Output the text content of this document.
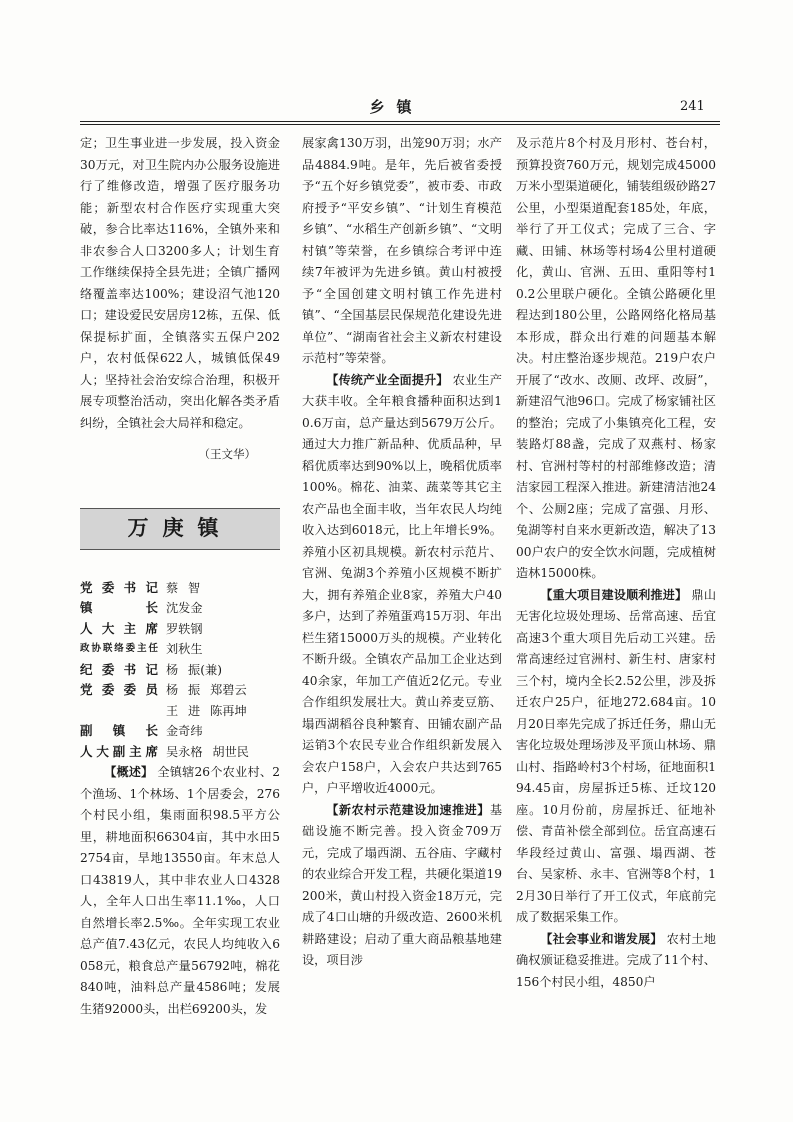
乡镇	241

定；卫生事业进一步发展，投入资金30万元，对卫生院内办公服务设施进行了维修改造，增强了医疗服务功能；新型农村合作医疗实现重大突破，参合比率达116%，全镇外来和非农参合人口3200多人；计划生育工作继续保持全县先进；全镇广播网络覆盖率达100%；建设沼气池120口；建设爱民安居房12栋，五保、低保提标扩面，全镇落实五保户202户，农村低保622人，城镇低保49人；坚持社会治安综合治理，积极开展专项整治活动，突出化解各类矛盾纠纷，全镇社会大局祥和稳定。

（王文华）
万庚镇
党委书记 蔡 智
镇 长 沈发金
人大主席 罗轶钢
政协联络委主任 刘秋生
纪委书记 杨 振(兼)
党委委员 杨 振 郑碧云
王 进 陈再坤
副 镇 长 金奇纬
人大副主席 吴永格 胡世民

【概述】 全镇辖26个农业村、2个渔场、1个林场、1个居委会，276个村民小组，集雨面积98.5平方公里，耕地面积66304亩，其中水田52754亩，旱地13550亩。年末总人口43819人，其中非农业人口4328人，全年人口出生率11.1‰，人口自然增长率2.5‰。全年实现工农业总产值7.43亿元，农民人均纯收入6058元，粮食总产量56792吨，棉花840吨，油料总产量4586吨；发展生猪92000头，出栏69200头，发

展家禽130万羽，出笼90万羽；水产品4884.9吨。是年，先后被省委授予“五个好乡镇党委”，被市委、市政府授予“平安乡镇”、“计划生育模范乡镇”、“水稻生产创新乡镇”、“文明村镇”等荣誉，在乡镇综合考评中连续7年被评为先进乡镇。黄山村被授予“全国创建文明村镇工作先进村镇”、“全国基层民保规范化建设先进单位”、“湖南省社会主义新农村建设示范村”等荣誉。

【传统产业全面提升】 农业生产大获丰收。全年粮食播种面积达到10.6万亩，总产量达到5679万公斤。通过大力推广新品种、优质品种，早稻优质率达到90%以上，晚稻优质率100%。棉花、油菜、蔬菜等其它主农产品也全面丰收，当年农民人均纯收入达到6018元，比上年增长9%。养殖小区初具规模。新农村示范片、官洲、兔湖3个养殖小区规模不断扩大，拥有养殖企业8家，养殖大户40多户，达到了养殖蛋鸡15万羽、年出栏生猪15000万头的规模。产业转化不断升级。全镇农产品加工企业达到40余家，年加工产值近2亿元。专业合作组织发展壮大。黄山养麦豆筋、塌西湖稻谷良种繁育、田铺农副产品运销3个农民专业合作组织新发展入会农户158户，入会农户共达到765户，户平增收近4000元。

【新农村示范建设加速推进】基础设施不断完善。投入资金709万元，完成了塌西湖、五谷庙、字藏村的农业综合开发工程，共硬化渠道19200米，黄山村投入资金18万元，完成了4口山塘的升级改造、2600米机耕路建设；启动了重大商品粮基地建设，项目涉

及示范片8个村及月形村、苍台村，预算投资760万元，规划完成45000万米小型渠道硬化，铺装组级砂路27公里，小型渠道配套185处，年底，举行了开工仪式；完成了三合、字藏、田铺、林场等村场4公里村道硬化，黄山、官洲、五田、重阳等村10.2公里联户硬化。全镇公路硬化里程达到180公里，公路网络化格局基本形成，群众出行难的问题基本解决。村庄整治逐步规范。219户农户开展了“改水、改厕、改坪、改厨”，新建沼气池96口。完成了杨家铺社区的整治；完成了小集镇亮化工程，安装路灯88盏，完成了双燕村、杨家村、官洲村等村的村部维修改造；清洁家园工程深入推进。新建清洁池24个、公厕2座；完成了富强、月形、兔湖等村自来水更新改造，解决了1300户农户的安全饮水问题，完成植树造林15000株。

【重大项目建设顺利推进】 鼎山无害化垃圾处理场、岳常高速、岳宜高速3个重大项目先后动工兴建。岳常高速经过官洲村、新生村、唐家村三个村，境内全长2.52公里，涉及拆迁农户25户，征地272.684亩。10月20日率先完成了拆迁任务，鼎山无害化垃圾处理场涉及平顶山林场、鼎山村、指路岭村3个村场，征地面积194.45亩，房屋拆迁5栋、迁坟120座。10月份前，房屋拆迁、征地补偿、青苗补偿全部到位。岳宜高速石华段经过黄山、富强、塌西湖、苍台、吴家桥、永丰、官洲等8个村，12月30日举行了开工仪式，年底前完成了数据采集工作。

【社会事业和谐发展】 农村土地确权颁证稳妥推进。完成了11个村、156个村民小组，4850户
